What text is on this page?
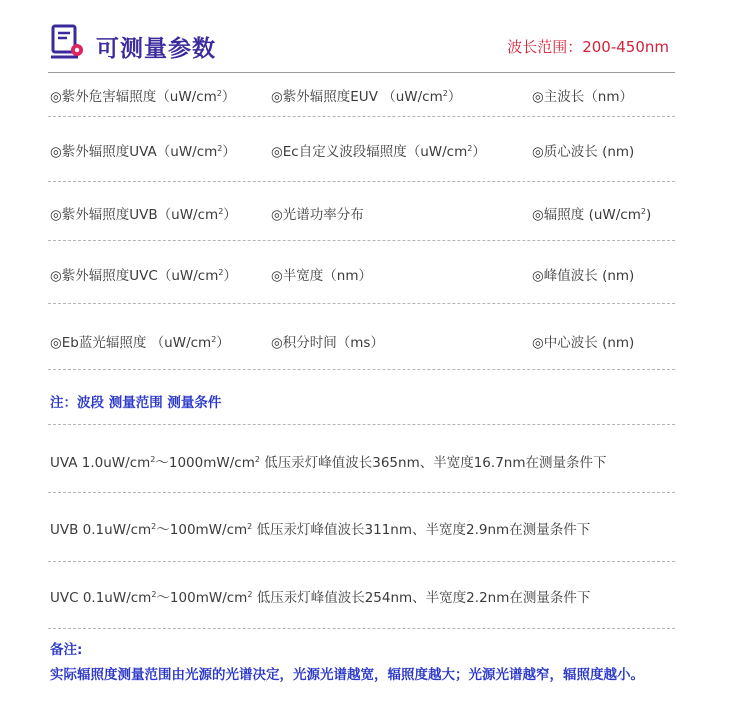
可测量参数	波长范围：200-450nm
◎紫外危害辐照度$(uW/cm^2)$	◎紫外辐照度EUV $(uW/cm^2)$	◎主波长（nm）
◎紫外辐照度$UVA(uW/cm^2)$	◎Ec自定义波段辐照度$(uW/cm^2)$	◎质心波长 (nm)
◎紫外辐照度$UVB(uW/cm^2)$	◎光谱功率分布	◎辐照度 $(uW/cm^2)$
◎紫外辐照度$UVC(uW/cm^2)$	◎半宽度（nm）	◎峰值波长 (nm)
◎Eb蓝光辐照度 $(uW/cm^2)$	◎积分时间（ms）	◎中心波长 (nm)
注：波段 测量范围 测量条件
UVA $1.0uW/cm^2\sim 1000mW/cm^2$ 低压汞灯峰值波长365nm、半宽度16.7nm在测量条件下
UVB $0.1uW/cm^2\sim 100mW/cm^2$ 低压汞灯峰值波长311nm、半宽度2.9nm在测量条件下
UVC $0.1uW/cm^2\sim 100mW/cm^2$ 低压汞灯峰值波长254nm、半宽度2.2nm在测量条件下
备注:
实际辐照度测量范围由光源的光谱决定，光源光谱越宽，辐照度越大；光源光谱越窄，辐照度越小。
